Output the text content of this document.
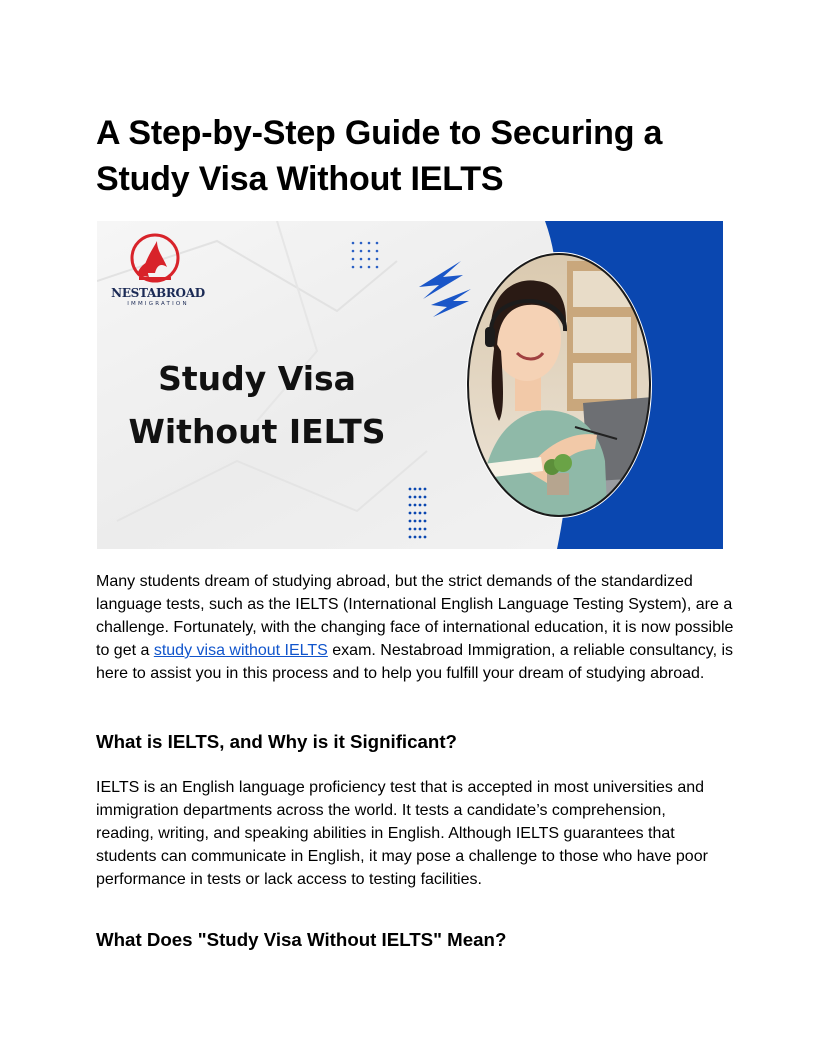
A Step-by-Step Guide to Securing a Study Visa Without IELTS
NESTABROAD
IMMIGRATION
Study Visa
Without IELTS

Many students dream of studying abroad, but the strict demands of the standardized language tests, such as the IELTS (International English Language Testing System), are a challenge. Fortunately, with the changing face of international education, it is now possible to get a study visa without IELTS exam. Nestabroad Immigration, a reliable consultancy, is here to assist you in this process and to help you fulfill your dream of studying abroad.

What is IELTS, and Why is it Significant?

IELTS is an English language proficiency test that is accepted in most universities and immigration departments across the world. It tests a candidate’s comprehension, reading, writing, and speaking abilities in English. Although IELTS guarantees that students can communicate in English, it may pose a challenge to those who have poor performance in tests or lack access to testing facilities.

What Does "Study Visa Without IELTS" Mean?
